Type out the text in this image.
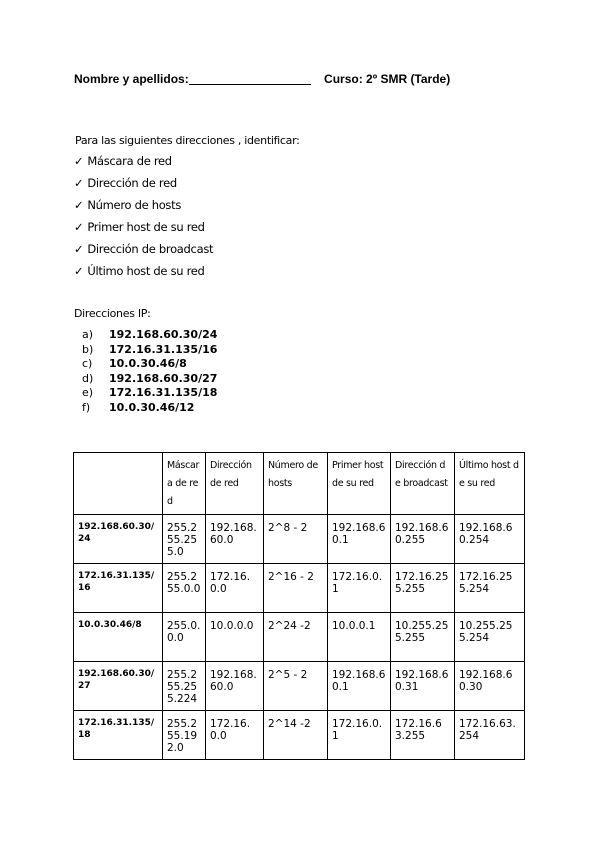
Nombre y apellidos:	Curso: 2º SMR (Tarde)
Para las siguientes direcciones , identificar:
✓ Máscara de red
✓ Dirección de red
✓ Número de hosts
✓ Primer host de su red
✓ Dirección de broadcast
✓ Último host de su red
Direcciones IP:
a) 192.168.60.30/24
b) 172.16.31.135/16
c) 10.0.30.46/8
d) 192.168.60.30/27
e) 172.16.31.135/18
f) 10.0.30.46/12
	Máscara de red	Dirección de red	Número de hosts	Primer host de su red	Dirección de broadcast	Último host de su red
192.168.60.30/24	255.255.255.0	192.168.60.0	2^8 - 2	192.168.60.1	192.168.60.255	192.168.60.254
172.16.31.135/16	255.255.0.0	172.16.0.0	2^16 - 2	172.16.0.1	172.16.255.255	172.16.255.254
10.0.30.46/8	255.0.0.0	10.0.0.0	2^24 -2	10.0.0.1	10.255.255.255	10.255.255.254
192.168.60.30/27	255.255.255.224	192.168.60.0	2^5 - 2	192.168.60.1	192.168.60.31	192.168.60.30
172.16.31.135/18	255.255.192.0	172.16.0.0	2^14 -2	172.16.0.1	172.16.63.255	172.16.63.254
